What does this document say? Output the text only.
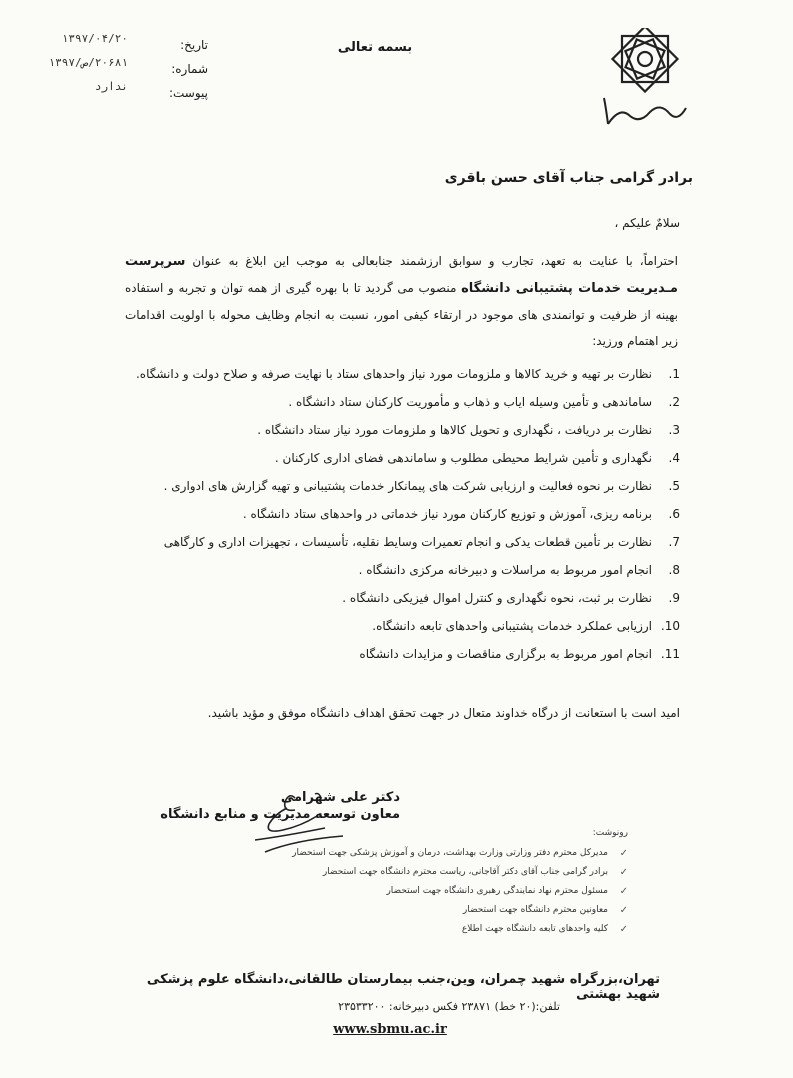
بسمه تعالی
تاریخ:
شماره:
پیوست:
۱۳۹۷/۰۴/۲۰
۲۰۶۸۱/ص/۱۳۹۷
ندارد
برادر گرامی جناب آقای حسن باقری
سلامٌ علیکم ،
احتراماً، با عنایت به تعهد، تجارب و سوابق ارزشمند جنابعالی به موجب این ابلاغ به عنوان سرپرست مـدیریت خدمات پشتیبانی دانشگاه منصوب می گردید تا با بهره گیری از همه توان و تجربه و استفاده بهینه از ظرفیت و توانمندی های موجود در ارتقاء کیفی امور، نسبت به انجام وظایف محوله با اولویت اقدامات زیر اهتمام ورزید:
1.
نظارت بر تهیه و خرید کالاها و ملزومات مورد نیاز واحدهای ستاد با نهایت صرفه و صلاح دولت و دانشگاه.
2.
ساماندهی و تأمین وسیله ایاب و ذهاب و مأموریت کارکنان ستاد دانشگاه .
3.
نظارت بر دریافت ، نگهداری و تحویل کالاها و ملزومات مورد نیاز ستاد دانشگاه .
4.
نگهداری و تأمین شرایط محیطی مطلوب و ساماندهی فضای اداری کارکنان .
5.
نظارت بر نحوه فعالیت و ارزیابی شرکت های پیمانکار خدمات پشتیبانی و تهیه گزارش های ادواری .
6.
برنامه ریزی، آموزش و توزیع کارکنان مورد نیاز خدماتی در واحدهای ستاد دانشگاه .
7.
نظارت بر تأمین قطعات یدکی و انجام تعمیرات وسایط نقلیه، تأسیسات ، تجهیزات اداری و کارگاهی
8.
انجام امور مربوط به مراسلات و دبیرخانه مرکزی دانشگاه .
9.
نظارت بر ثبت، نحوه نگهداری و کنترل اموال فیزیکی دانشگاه .
10.
ارزیابی عملکرد خدمات پشتیبانی واحدهای تابعه دانشگاه.
11.
انجام امور مربوط به برگزاری مناقصات و مزایدات دانشگاه
امید است با استعانت از درگاه خداوند متعال در جهت تحقق اهداف دانشگاه موفق و مؤید باشید.
دکتر علی شهرامی
معاون توسعه مدیریت و منابع دانشگاه
رونوشت:
✓
مدیرکل محترم دفتر وزارتی وزارت بهداشت، درمان و آموزش پزشکی جهت استحضار
✓
برادر گرامی جناب آقای دکتر آقاجانی، ریاست محترم دانشگاه جهت استحضار
✓
مسئول محترم نهاد نمایندگی رهبری دانشگاه جهت استحضار
✓
معاونین محترم دانشگاه جهت استحضار
✓
کلیه واحدهای تابعه دانشگاه جهت اطلاع
تهران،بزرگراه شهید چمران، وین،جنب بیمارستان طالقانی،دانشگاه علوم پزشکی شهید بهشتی
تلفن:(۲۰ خط) ۲۳۸۷۱ فکس دبیرخانه: ۲۳۵۳۳۲۰۰
www.sbmu.ac.ir
